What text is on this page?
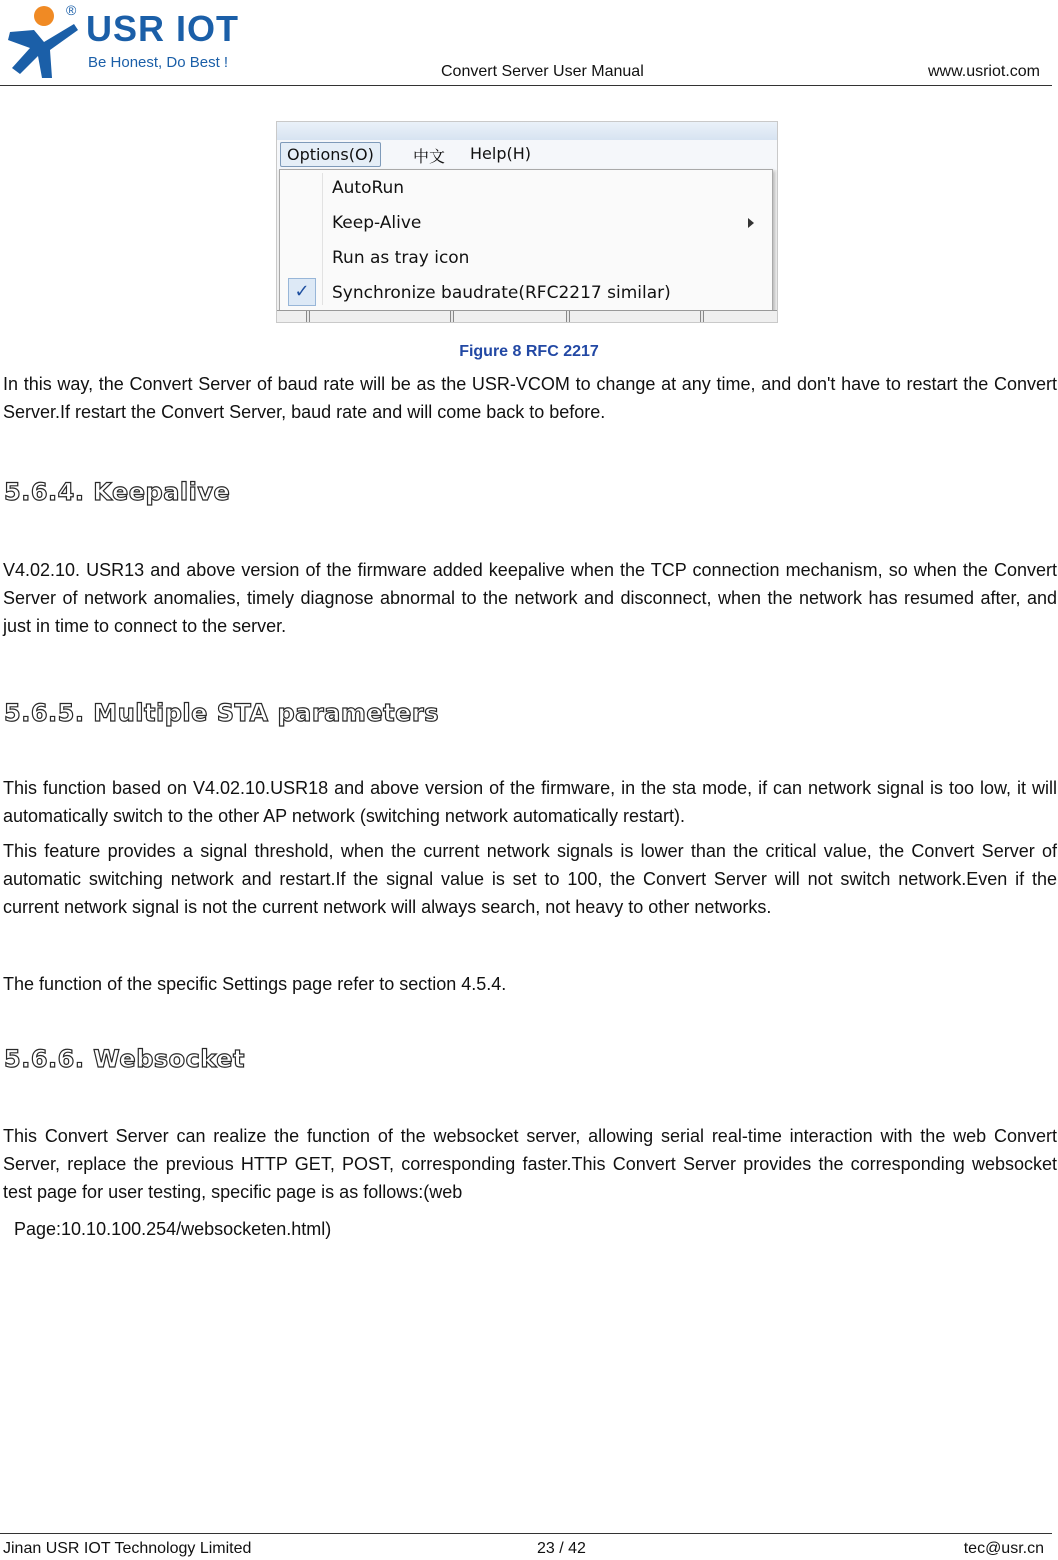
® USR IOT
Be Honest, Do Best !
Convert Server User Manual	www.usriot.com
Options(O)	中文 Help(H)
AutoRun
Keep-Alive
Run as tray icon
✓	Synchronize baudrate(RFC2217 similar)
Figure 8 RFC 2217

In this way, the Convert Server of baud rate will be as the USR-VCOM to change at any time, and don't have to restart the Convert Server.If restart the Convert Server, baud rate and will come back to before.

5.6.4. Keepalive

V4.02.10. USR13 and above version of the firmware added keepalive when the TCP connection mechanism, so when the Convert Server of network anomalies, timely diagnose abnormal to the network and disconnect, when the network has resumed after, and just in time to connect to the server.

5.6.5. Multiple STA parameters

This function based on V4.02.10.USR18 and above version of the firmware, in the sta mode, if can network signal is too low, it will automatically switch to the other AP network (switching network automatically restart).

This feature provides a signal threshold, when the current network signals is lower than the critical value, the Convert Server of automatic switching network and restart.If the signal value is set to 100, the Convert Server will not switch network.Even if the current network signal is not the current network will always search, not heavy to other networks.

The function of the specific Settings page refer to section 4.5.4.

5.6.6. Websocket

This Convert Server can realize the function of the websocket server, allowing serial real-time interaction with the web Convert Server, replace the previous HTTP GET, POST, corresponding faster.This Convert Server provides the corresponding websocket test page for user testing, specific page is as follows:(web

Page:10.10.100.254/websocketen.html)

Jinan USR IOT Technology Limited	23 / 42	tec@usr.cn
